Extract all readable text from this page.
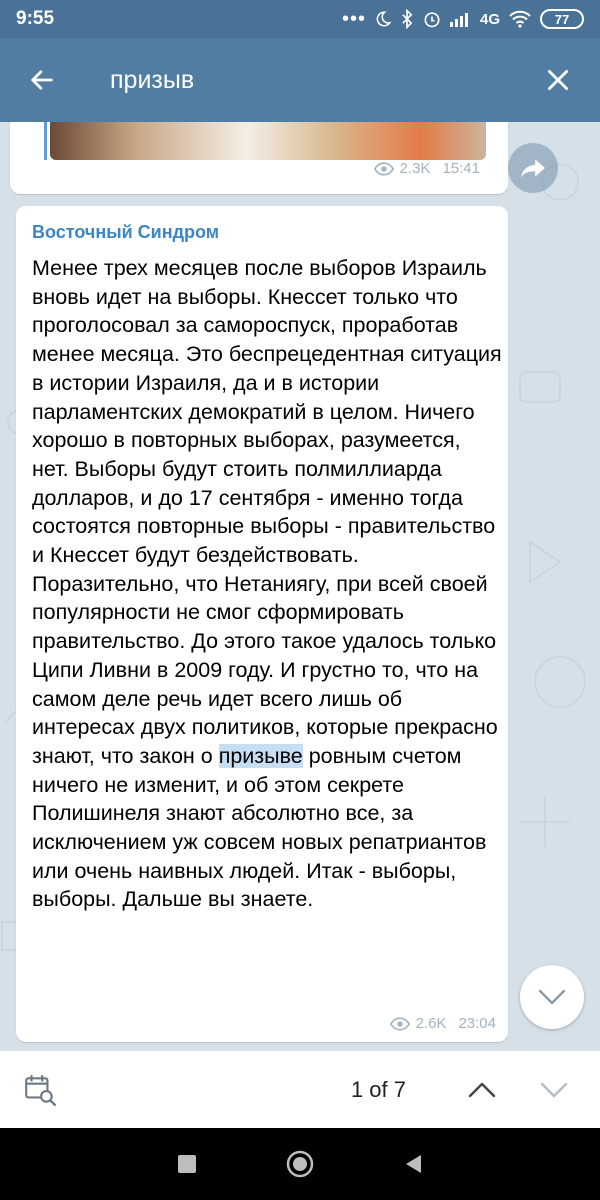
9:55	•••	4G	77
призыв
2.3K 15:41
Восточный Синдром
Менее трех месяцев после выборов Израиль вновь идет на выборы. Кнессет только что проголосовал за самороспуск, проработав менее месяца. Это беспрецедентная ситуация в истории Израиля, да и в истории парламентских демократий в целом. Ничего хорошо в повторных выборах, разумеется, нет. Выборы будут стоить полмиллиарда долларов, и до 17 сентября - именно тогда состоятся повторные выборы - правительство и Кнессет будут бездействовать. Поразительно, что Нетаниягу, при всей своей популярности не смог сформировать правительство. До этого такое удалось только Ципи Ливни в 2009 году. И грустно то, что на самом деле речь идет всего лишь об интересах двух политиков, которые прекрасно знают, что закон о призыве ровным счетом ничего не изменит, и об этом секрете Полишинеля знают абсолютно все, за исключением уж совсем новых репатриантов или очень наивных людей. Итак - выборы, выборы. Дальше вы знаете.
2.6K 23:04
1 of 7
